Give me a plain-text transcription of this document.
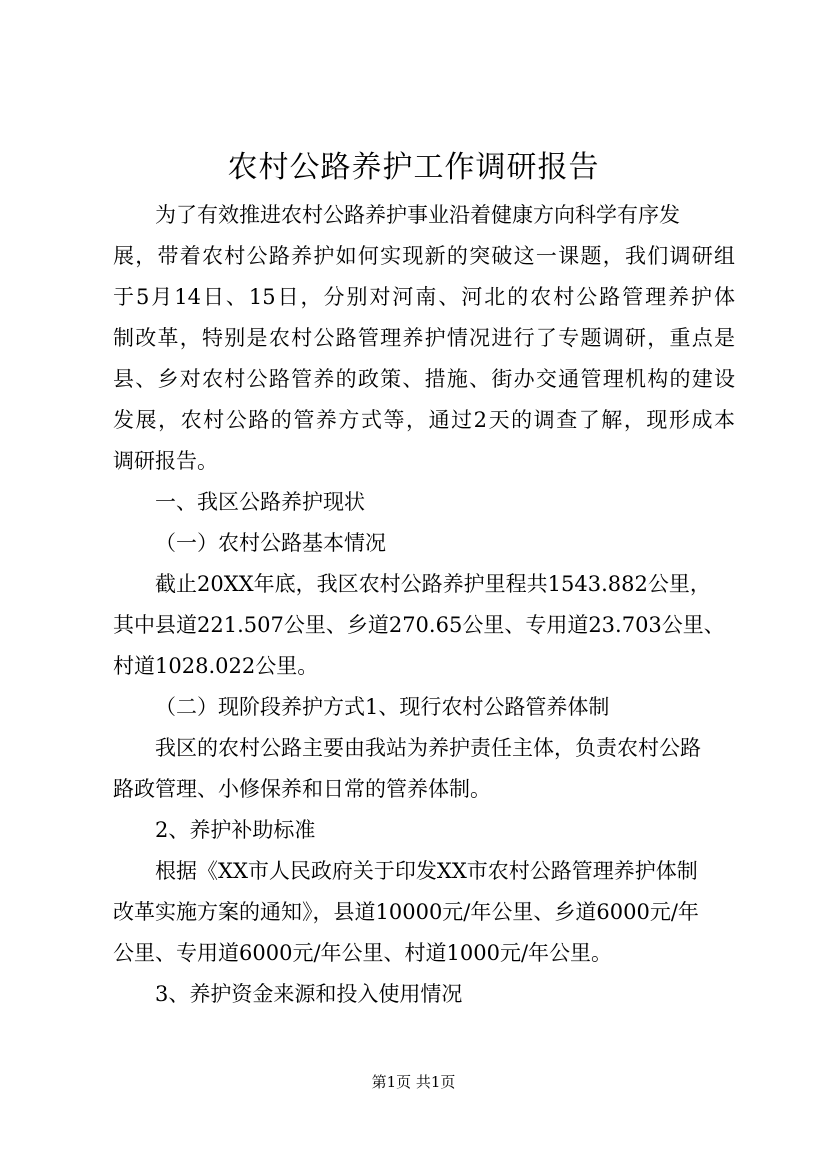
农村公路养护工作调研报告

为了有效推进农村公路养护事业沿着健康方向科学有序发

展，带着农村公路养护如何实现新的突破这一课题，我们调研组

于5月14日、15日，分别对河南、河北的农村公路管理养护体

制改革，特别是农村公路管理养护情况进行了专题调研，重点是

县、乡对农村公路管养的政策、措施、街办交通管理机构的建设

发展，农村公路的管养方式等，通过2天的调查了解，现形成本

调研报告。

一、我区公路养护现状

（一）农村公路基本情况

截止20XX年底，我区农村公路养护里程共1543.882公里，

其中县道221.507公里、乡道270.65公里、专用道23.703公里、

村道1028.022公里。

（二）现阶段养护方式1、现行农村公路管养体制

我区的农村公路主要由我站为养护责任主体，负责农村公路

路政管理、小修保养和日常的管养体制。

2、养护补助标准

根据《XX市人民政府关于印发XX市农村公路管理养护体制

改革实施方案的通知》，县道10000元/年公里、乡道6000元/年

公里、专用道6000元/年公里、村道1000元/年公里。

3、养护资金来源和投入使用情况

第1页 共1页
